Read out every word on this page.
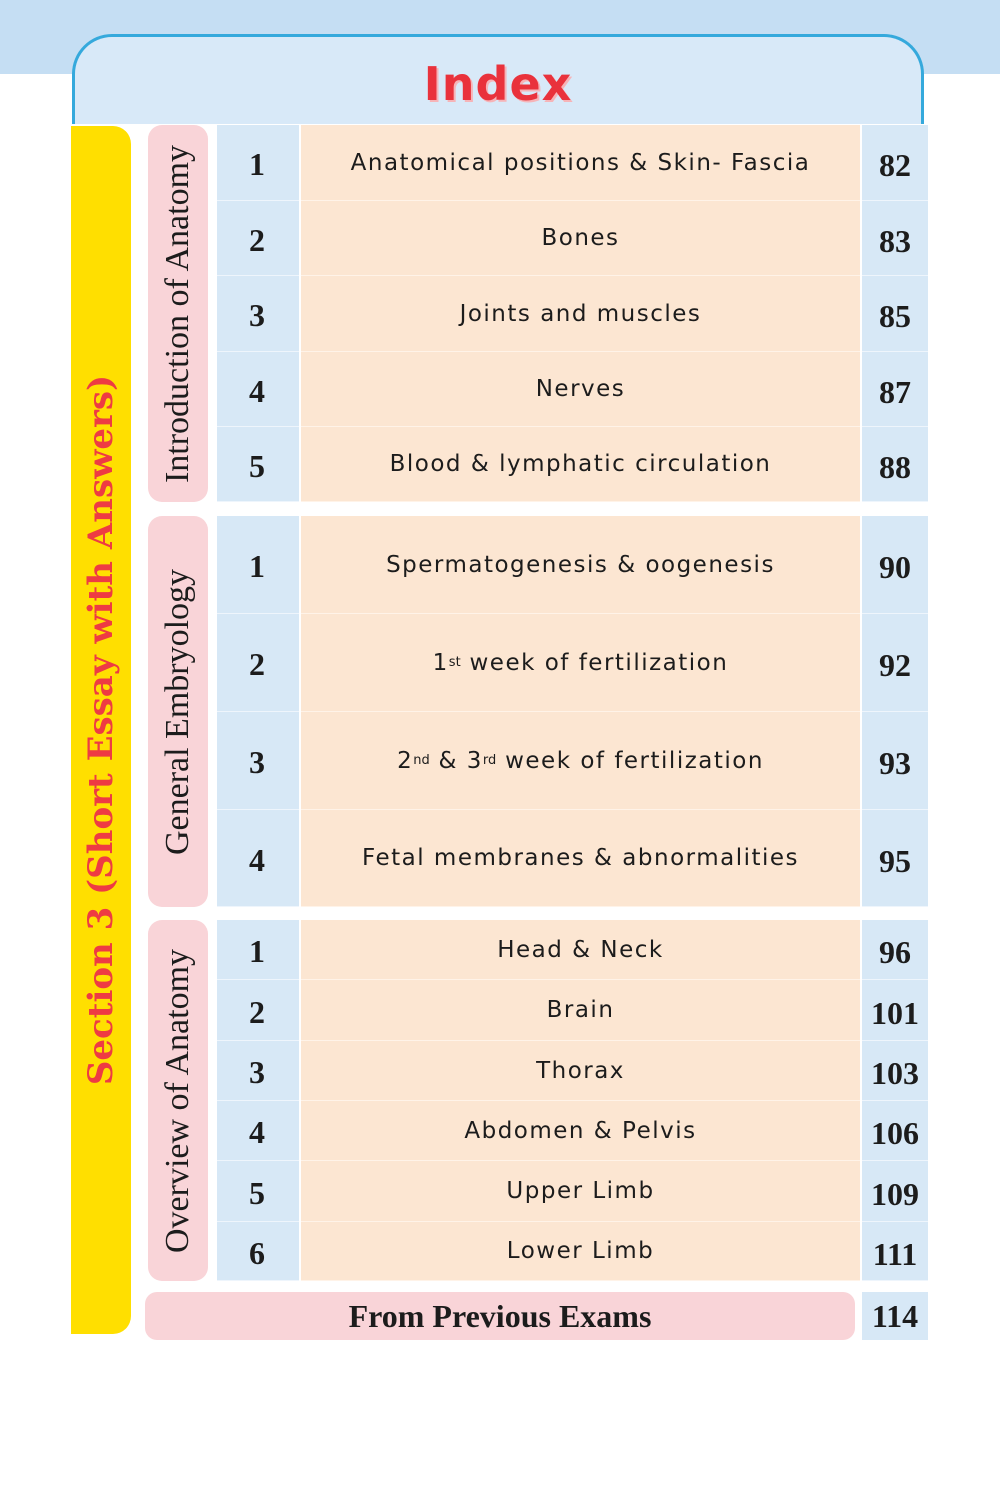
Index
Section 3 (Short Essay with Answers)
Introduction of Anatomy	1	Anatomical positions & Skin- Fascia	82
2	Bones	83
3	Joints and muscles	85
4	Nerves	87
5	Blood & lymphatic circulation	88
General Embryology
1	Spermatogenesis & oogenesis	90
2	1 st week of fertilization	92
3	2 nd & 3 rd week of fertilization	93
4	Fetal membranes & abnormalities	95
Overview of Anatomy	1	Head & Neck	96
2	Brain	101
3	Thorax	103
4	Abdomen & Pelvis	106
5	Upper Limb	109
6	Lower Limb	111
From Previous Exams	114
